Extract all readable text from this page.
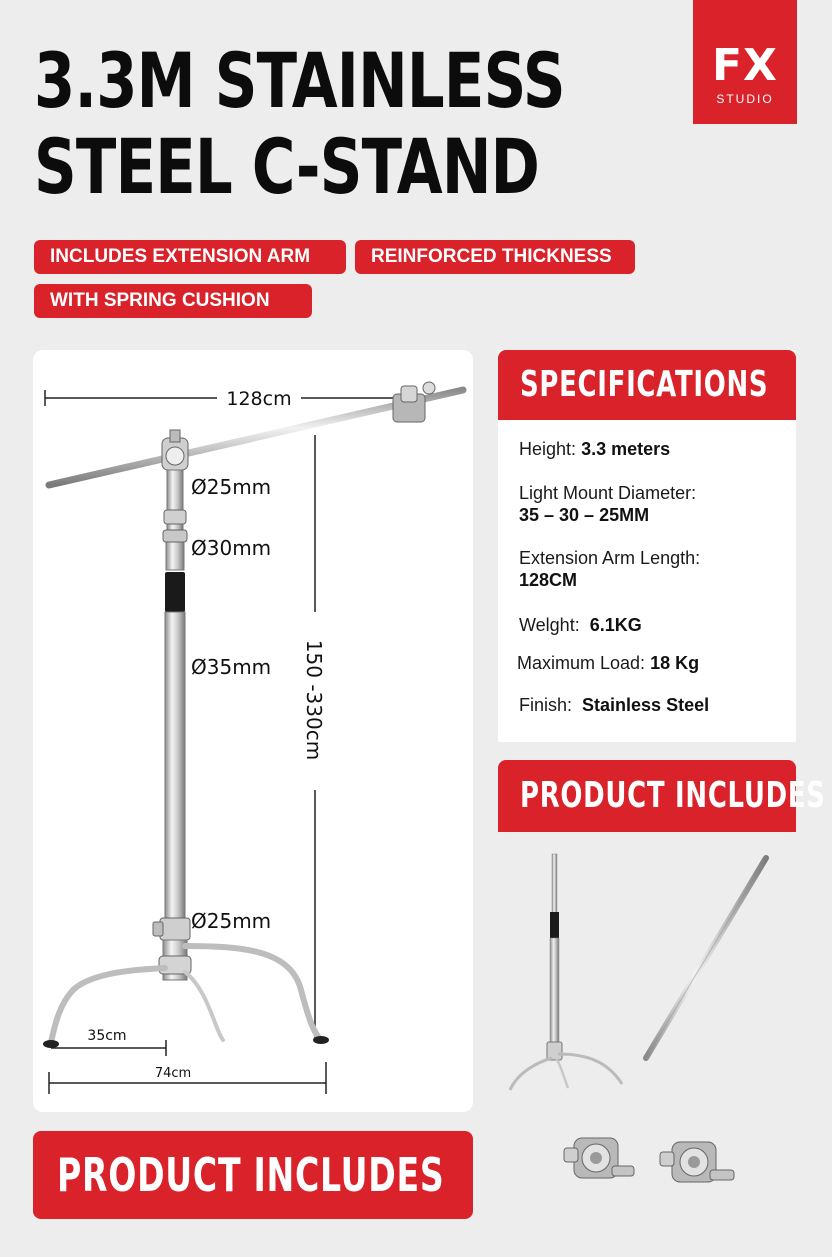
3.3M STAINLESS
STEEL C-STAND
FX
STUDIO
INCLUDES EXTENSION ARM	REINFORCED THICKNESS
WITH SPRING CUSHION
128cm
150 -330cm
Ø25mm
Ø30mm
Ø35mm
Ø25mm
35cm
74cm
SPECIFICATIONS
Height: 3.3 meters
Light Mount Diameter:
35 – 30 – 25MM
Extension Arm Length:
128CM
Welght: 6.1KG
Maximum Load: 18 Kg
Finish: Stainless Steel
PRODUCT INCLUDES
PRODUCT INCLUDES
